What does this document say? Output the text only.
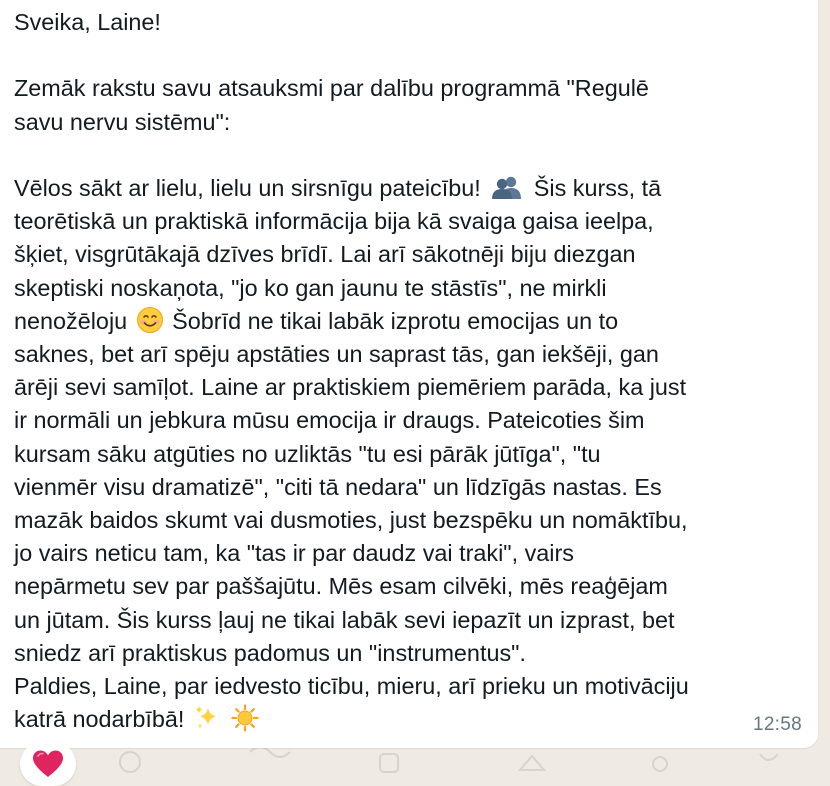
Sveika, Laine!
Zemāk rakstu savu atsauksmi par dalību programmā "Regulē
savu nervu sistēmu":
Vēlos sākt ar lielu, lielu un sirsnīgu pateicību! Šis kurss, tā
teorētiskā un praktiskā informācija bija kā svaiga gaisa ieelpa,
šķiet, visgrūtākajā dzīves brīdī. Lai arī sākotnēji biju diezgan
skeptiski noskaņota, "jo ko gan jaunu te stāstīs", ne mirkli
nenožēloju Šobrīd ne tikai labāk izprotu emocijas un to
saknes, bet arī spēju apstāties un saprast tās, gan iekšēji, gan
ārēji sevi samīļot. Laine ar praktiskiem piemēriem parāda, ka just
ir normāli un jebkura mūsu emocija ir draugs. Pateicoties šim
kursam sāku atgūties no uzliktās "tu esi pārāk jūtīga", "tu
vienmēr visu dramatizē", "citi tā nedara" un līdzīgās nastas. Es
mazāk baidos skumt vai dusmoties, just bezspēku un nomāktību,
jo vairs neticu tam, ka "tas ir par daudz vai traki", vairs
nepārmetu sev par paššajūtu. Mēs esam cilvēki, mēs reaģējam
un jūtam. Šis kurss ļauj ne tikai labāk sevi iepazīt un izprast, bet
sniedz arī praktiskus padomus un "instrumentus".
Paldies, Laine, par iedvesto ticību, mieru, arī prieku un motivāciju
katrā nodarbībā!	12:58
